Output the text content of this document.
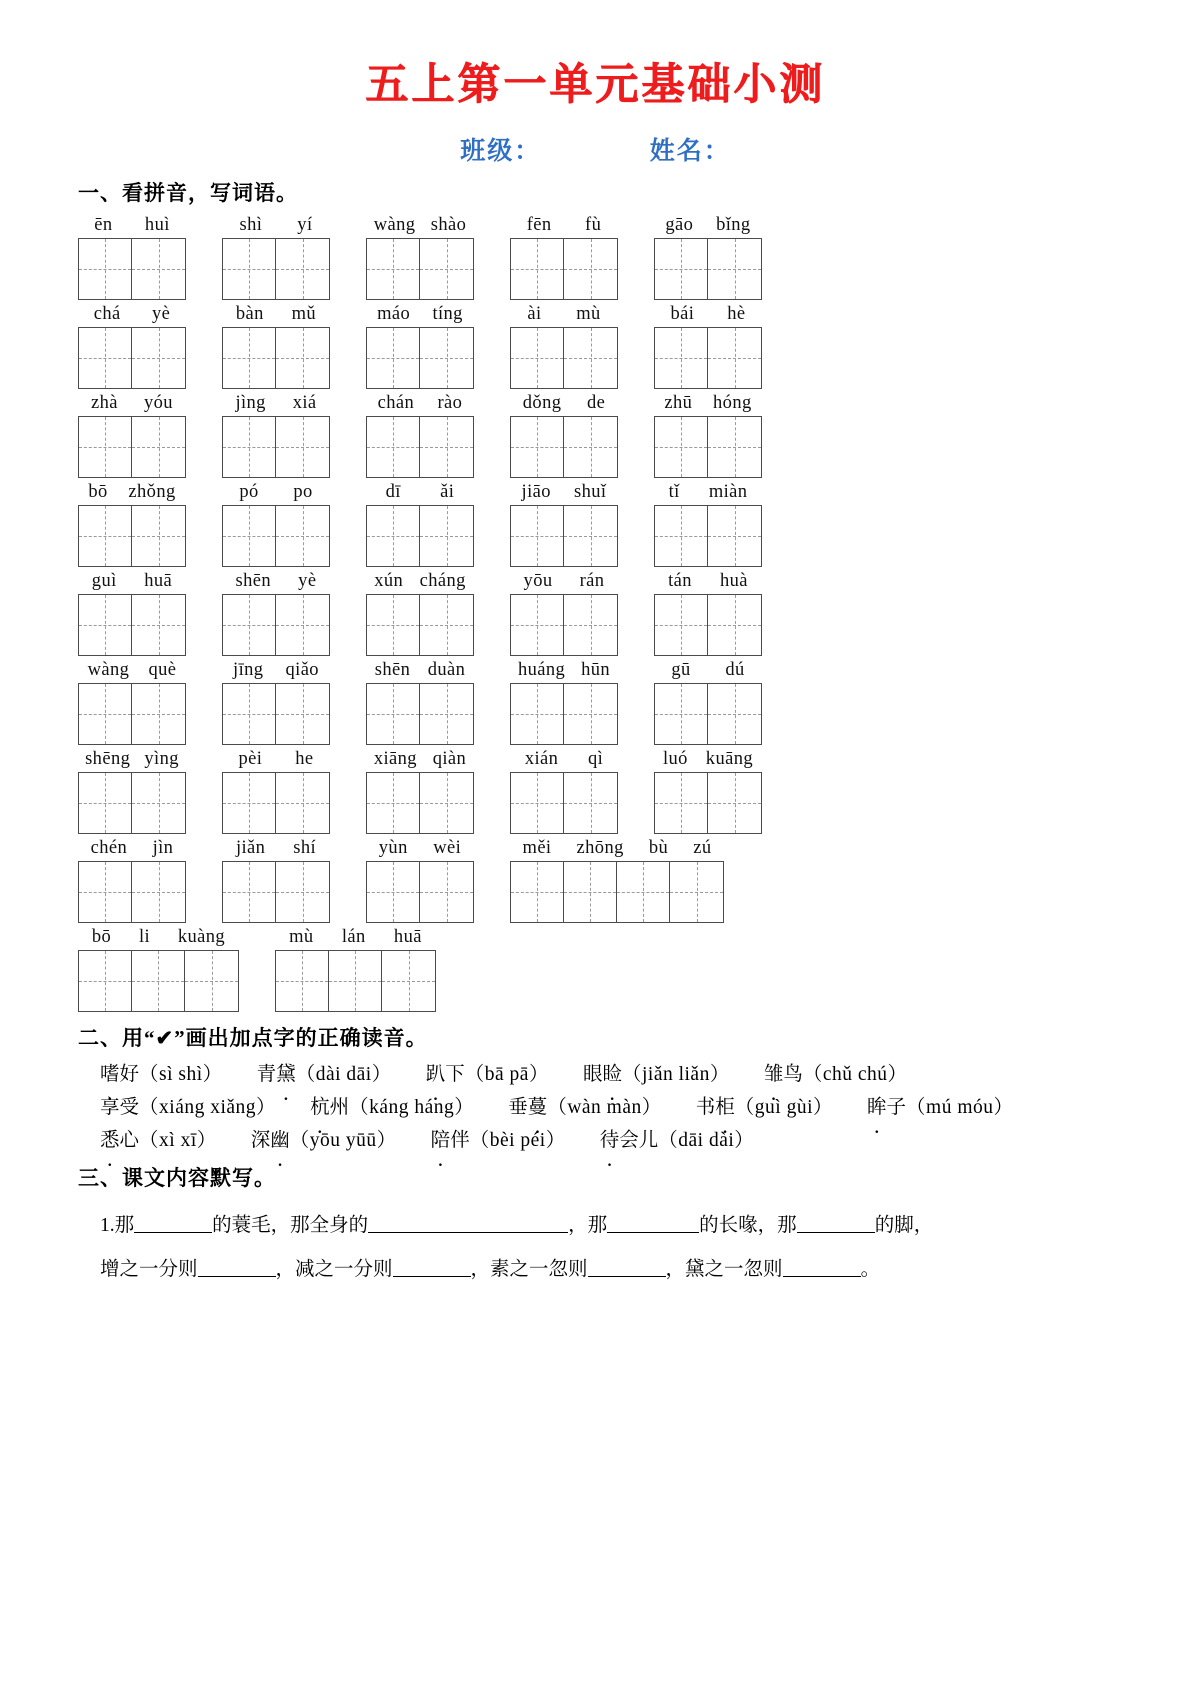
五上第一单元基础小测
班级：	姓名：
一、看拼音，写词语。
ēn huì	shì yí	wàng shào	fēn fù	gāo bǐng
chá yè	bàn mǔ	máo tíng	ài mù	bái hè
zhà yóu	jìng xiá	chán rào	dǒng de	zhū hóng
bō zhǒng	pó po	dī ǎi	jiāo shuǐ	tǐ miàn
guì huā	shēn yè	xún cháng	yōu rán	tán huà
wàng què	jīng qiǎo	shēn duàn	huáng hūn	gū dú
shēng yìng	pèi he	xiāng qiàn	xián qì	luó kuāng
chén jìn	jiǎn shí	yùn wèi	měi zhōng bù zú
bō li kuàng	mù lán huā
二、用“✔”画出加点字的正确读音。
嗜好（sì shì） 青黛（dài dāi） 趴下（bā pā） 眼睑（jiǎn liǎn） 雏鸟（chǔ chú）
享受（xiáng xiǎng） 杭州（káng háng） 垂蔓（wàn màn） 书柜（guì gùi） 眸子（mú móu）
悉心（xì xī） 深幽（yōu yūū） 陪伴（bèi péi） 待会儿（dāi dài）
三、课文内容默写。
1.那	的蓑毛，那全身的	，那	的长喙，那	的脚，
增之一分则	，减之一分则	，素之一忽则	，黛之一忽则	。
